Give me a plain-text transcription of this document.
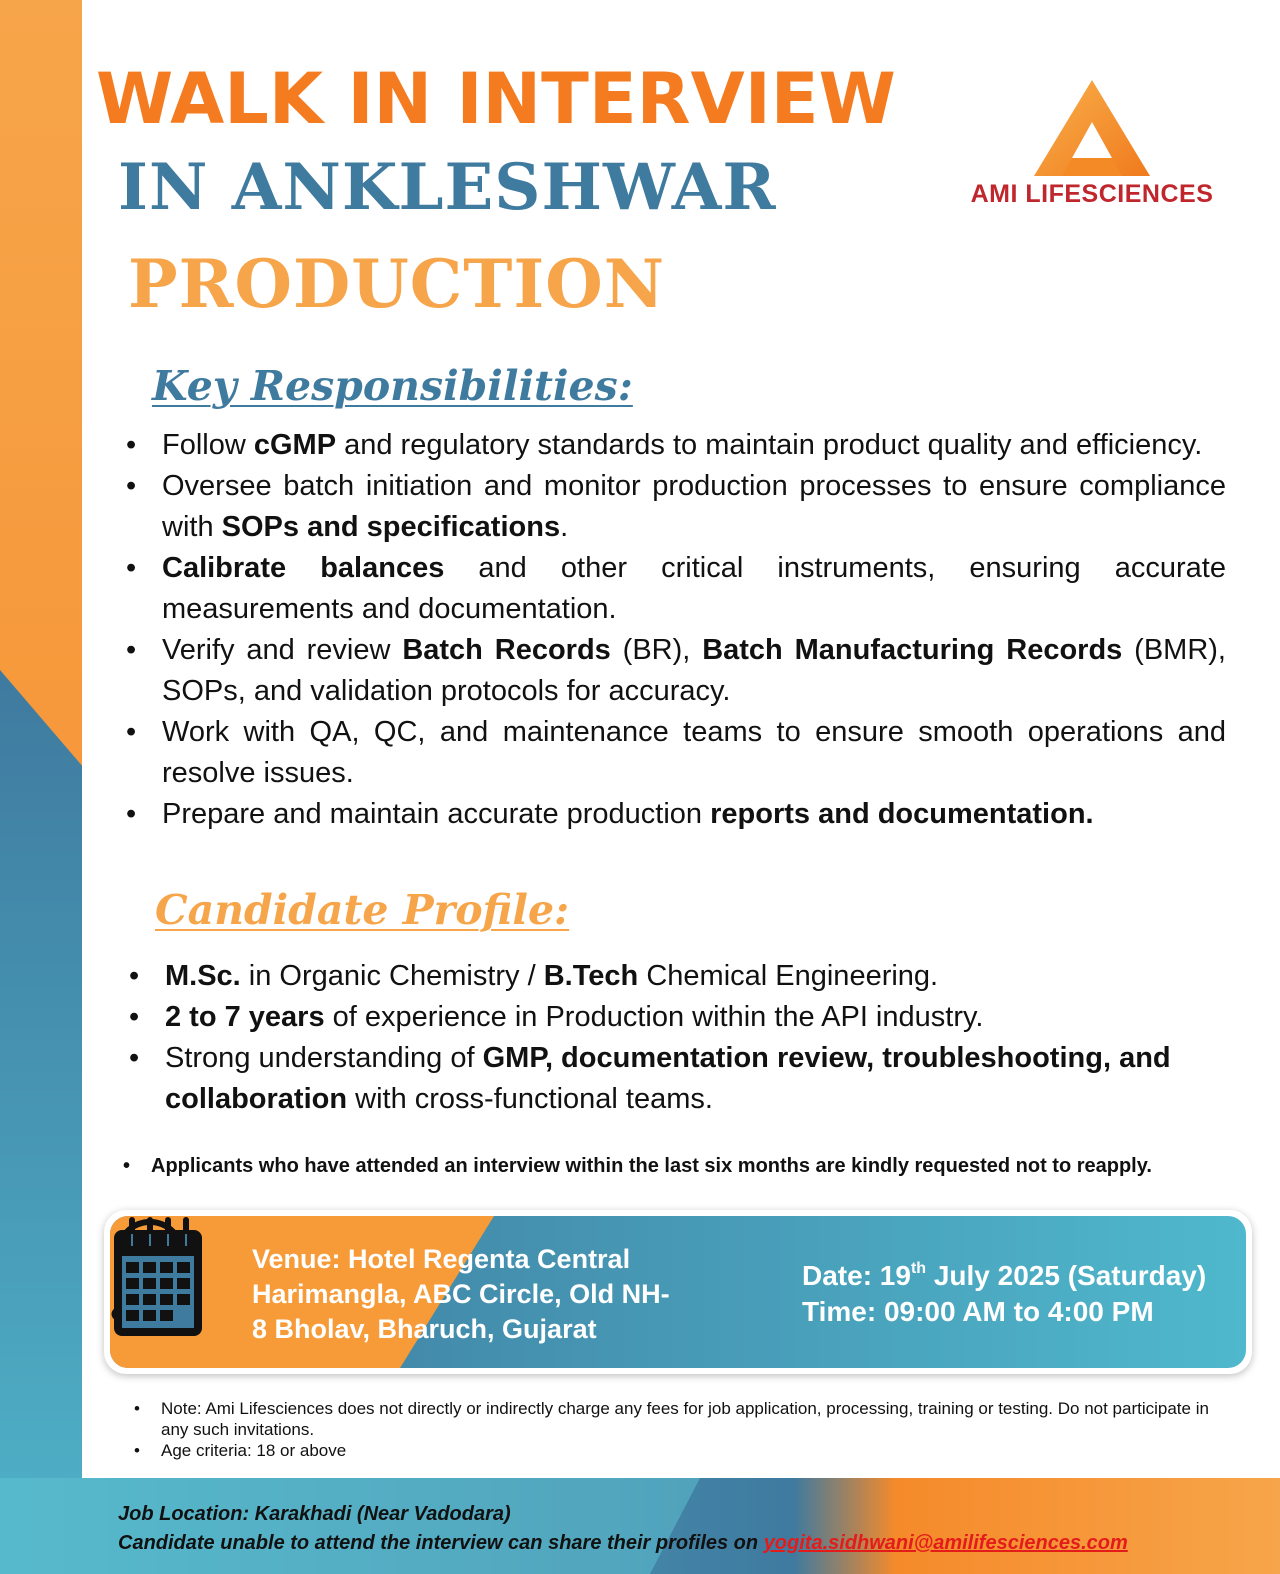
WALK IN INTERVIEW
IN ANKLESHWAR
PRODUCTION
AMI LIFESCIENCES
Key Responsibilities:
• Follow cGMP and regulatory standards to maintain product quality and efficiency.
• Oversee batch initiation and monitor production processes to ensure compliance with SOPs and specifications.
• Calibrate balances and other critical instruments, ensuring accurate measurements and documentation.
• Verify and review Batch Records (BR), Batch Manufacturing Records (BMR), SOPs, and validation protocols for accuracy.
• Work with QA, QC, and maintenance teams to ensure smooth operations and resolve issues.
• Prepare and maintain accurate production reports and documentation.
Candidate Profile:
• M.Sc. in Organic Chemistry / B.Tech Chemical Engineering.
• 2 to 7 years of experience in Production within the API industry.
• Strong understanding of GMP, documentation review, troubleshooting, and collaboration with cross-functional teams.

• Applicants who have attended an interview within the last six months are kindly requested not to reapply.

Venue: Hotel Regenta Central
Harimangla, ABC Circle, Old NH-
8 Bholav, Bharuch, Gujarat
Date: 19th July 2025 (Saturday)
Time: 09:00 AM to 4:00 PM
• Note: Ami Lifesciences does not directly or indirectly charge any fees for job application, processing, training or testing. Do not participate in any such invitations.
• Age criteria: 18 or above
Job Location: Karakhadi (Near Vadodara)
Candidate unable to attend the interview can share their profiles on yogita.sidhwani@amilifesciences.com
